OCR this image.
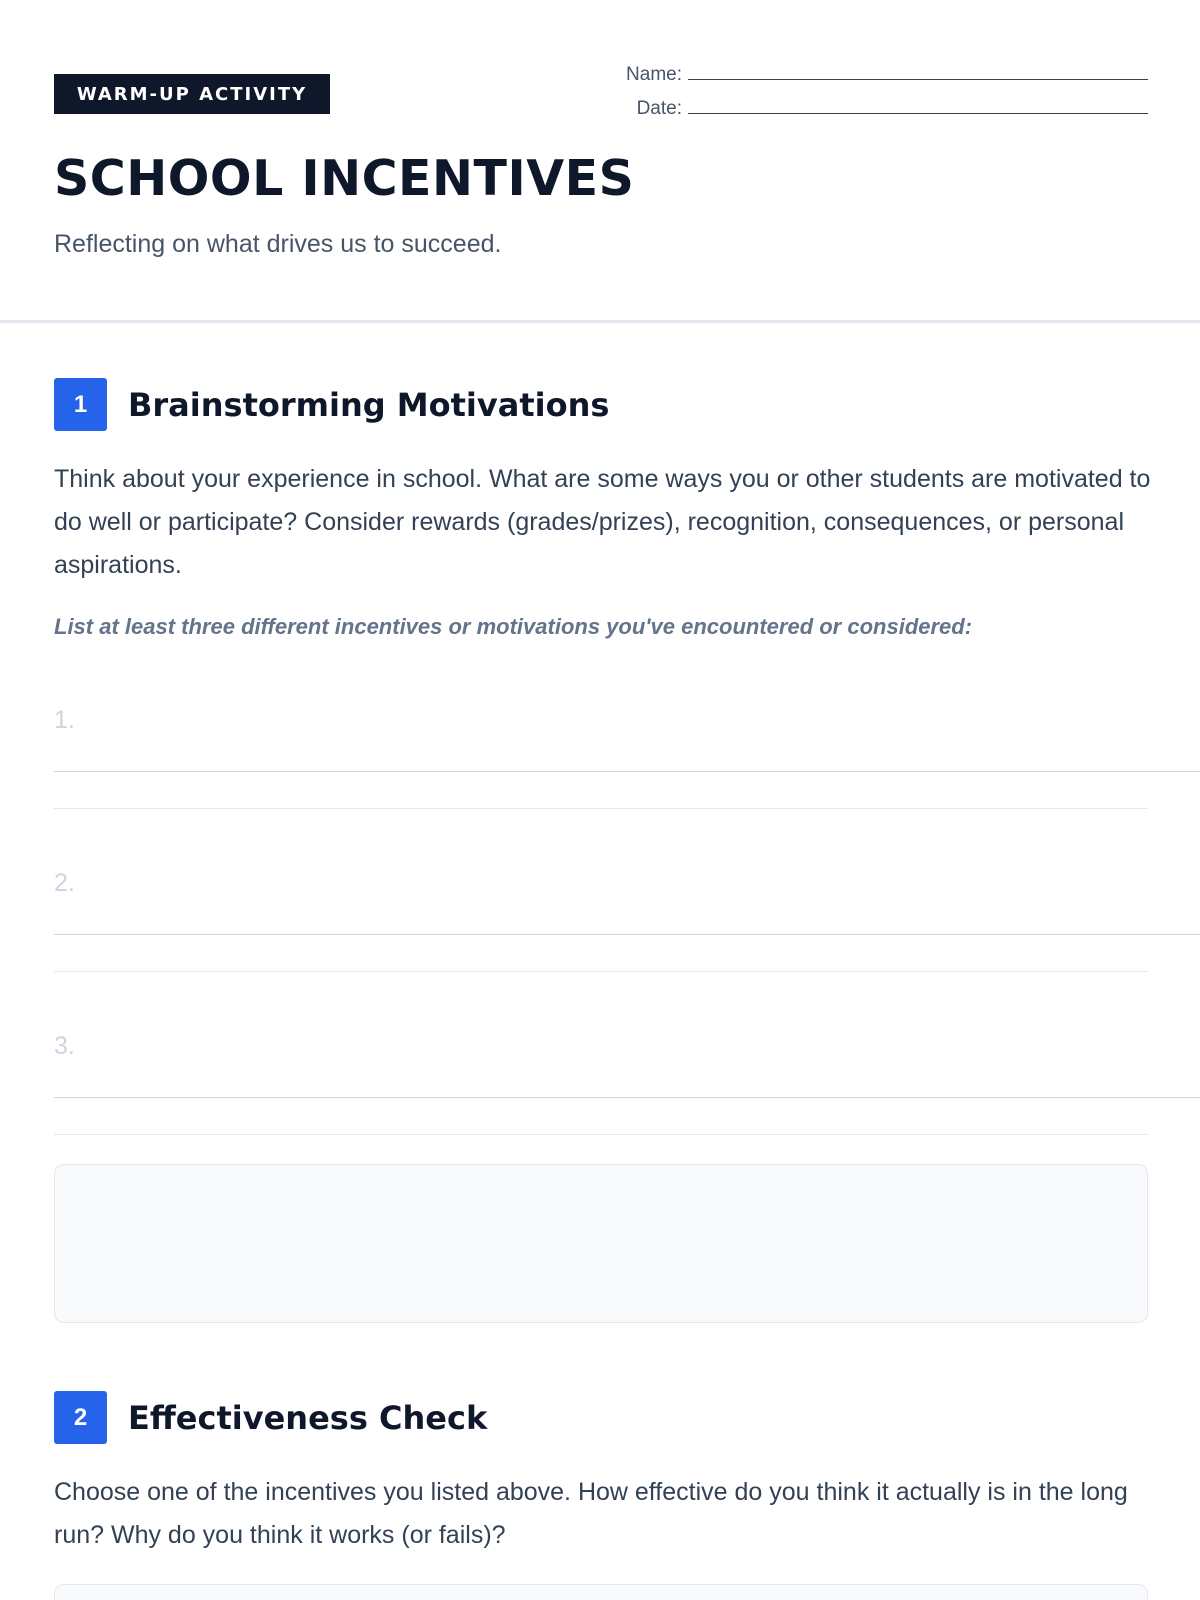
WARM-UP ACTIVITY
Name:
Date:
SCHOOL INCENTIVES

Reflecting on what drives us to succeed.

1	Brainstorming Motivations

Think about your experience in school. What are some ways you or other students are motivated to do well or participate? Consider rewards (grades/prizes), recognition, consequences, or personal aspirations.

List at least three different incentives or motivations you've encountered or considered:

1.
2.
3.
2	Effectiveness Check

Choose one of the incentives you listed above. How effective do you think it actually is in the long run? Why do you think it works (or fails)?
